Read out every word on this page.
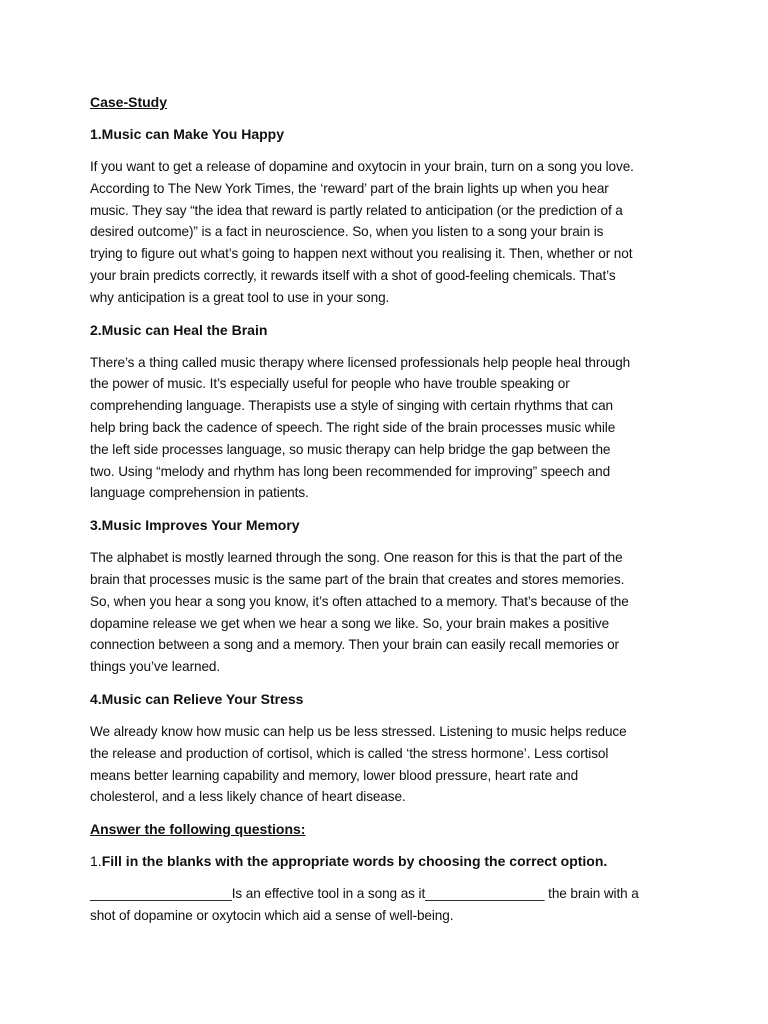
Case-Study
1.Music can Make You Happy
If you want to get a release of dopamine and oxytocin in your brain, turn on a song you love.
According to The New York Times, the ‘reward’ part of the brain lights up when you hear
music. They say “the idea that reward is partly related to anticipation (or the prediction of a
desired outcome)” is a fact in neuroscience. So, when you listen to a song your brain is
trying to figure out what’s going to happen next without you realising it. Then, whether or not
your brain predicts correctly, it rewards itself with a shot of good-feeling chemicals. That’s
why anticipation is a great tool to use in your song.
2.Music can Heal the Brain
There’s a thing called music therapy where licensed professionals help people heal through
the power of music. It’s especially useful for people who have trouble speaking or
comprehending language. Therapists use a style of singing with certain rhythms that can
help bring back the cadence of speech. The right side of the brain processes music while
the left side processes language, so music therapy can help bridge the gap between the
two. Using “melody and rhythm has long been recommended for improving” speech and
language comprehension in patients.
3.Music Improves Your Memory
The alphabet is mostly learned through the song. One reason for this is that the part of the
brain that processes music is the same part of the brain that creates and stores memories.
So, when you hear a song you know, it’s often attached to a memory. That’s because of the
dopamine release we get when we hear a song we like. So, your brain makes a positive
connection between a song and a memory. Then your brain can easily recall memories or
things you’ve learned.
4.Music can Relieve Your Stress
We already know how music can help us be less stressed. Listening to music helps reduce
the release and production of cortisol, which is called ‘the stress hormone’. Less cortisol
means better learning capability and memory, lower blood pressure, heart rate and
cholesterol, and a less likely chance of heart disease.
Answer the following questions:
1.Fill in the blanks with the appropriate words by choosing the correct option.
___________________Is an effective tool in a song as it________________ the brain with a
shot of dopamine or oxytocin which aid a sense of well-being.
